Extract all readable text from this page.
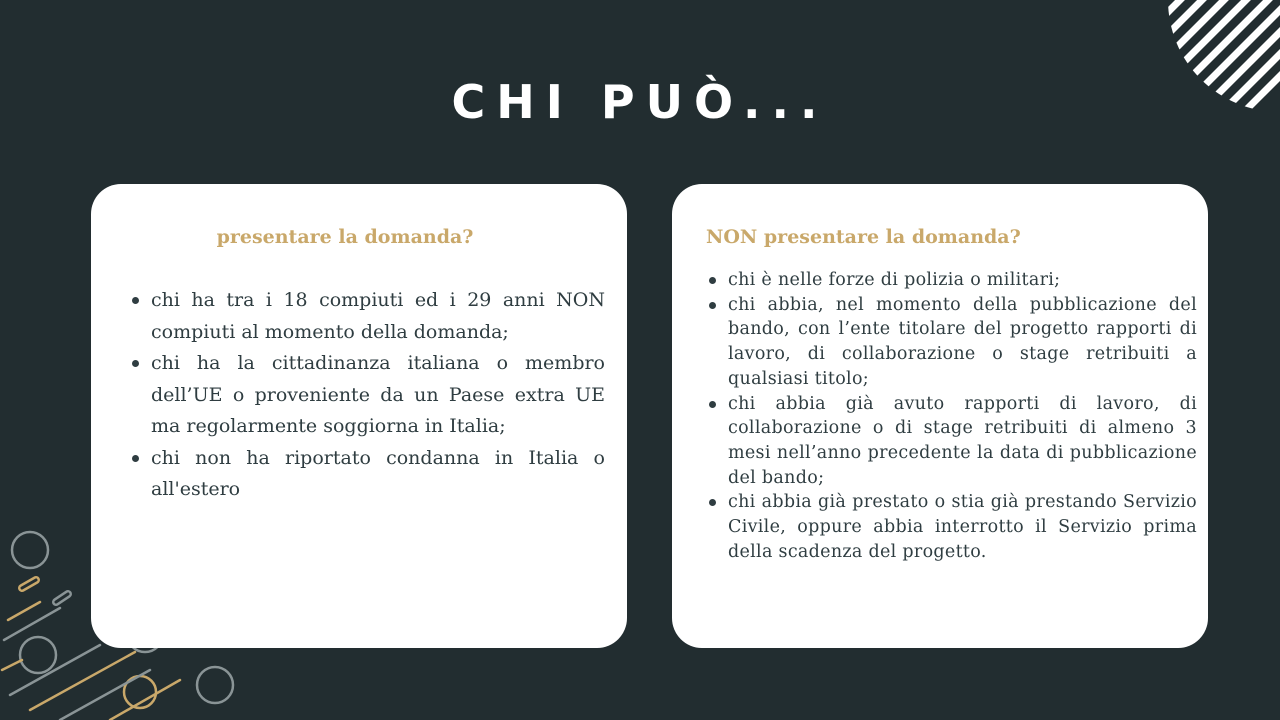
CHI PUÒ...
presentare la domanda?
chi ha tra i 18 compiuti ed i 29 anni NON compiuti al momento della domanda;
chi ha la cittadinanza italiana o membro dell’UE o proveniente da un Paese extra UE ma regolarmente soggiorna in Italia;
chi non ha riportato condanna in Italia o all'estero
NON presentare la domanda?
chi è nelle forze di polizia o militari;
chi abbia, nel momento della pubblicazione del bando, con l’ente titolare del progetto rapporti di lavoro, di collaborazione o stage retribuiti a qualsiasi titolo;
chi abbia già avuto rapporti di lavoro, di collaborazione o di stage retribuiti di almeno 3 mesi nell’anno precedente la data di pubblicazione del bando;
chi abbia già prestato o stia già prestando Servizio Civile, oppure abbia interrotto il Servizio prima della scadenza del progetto.
